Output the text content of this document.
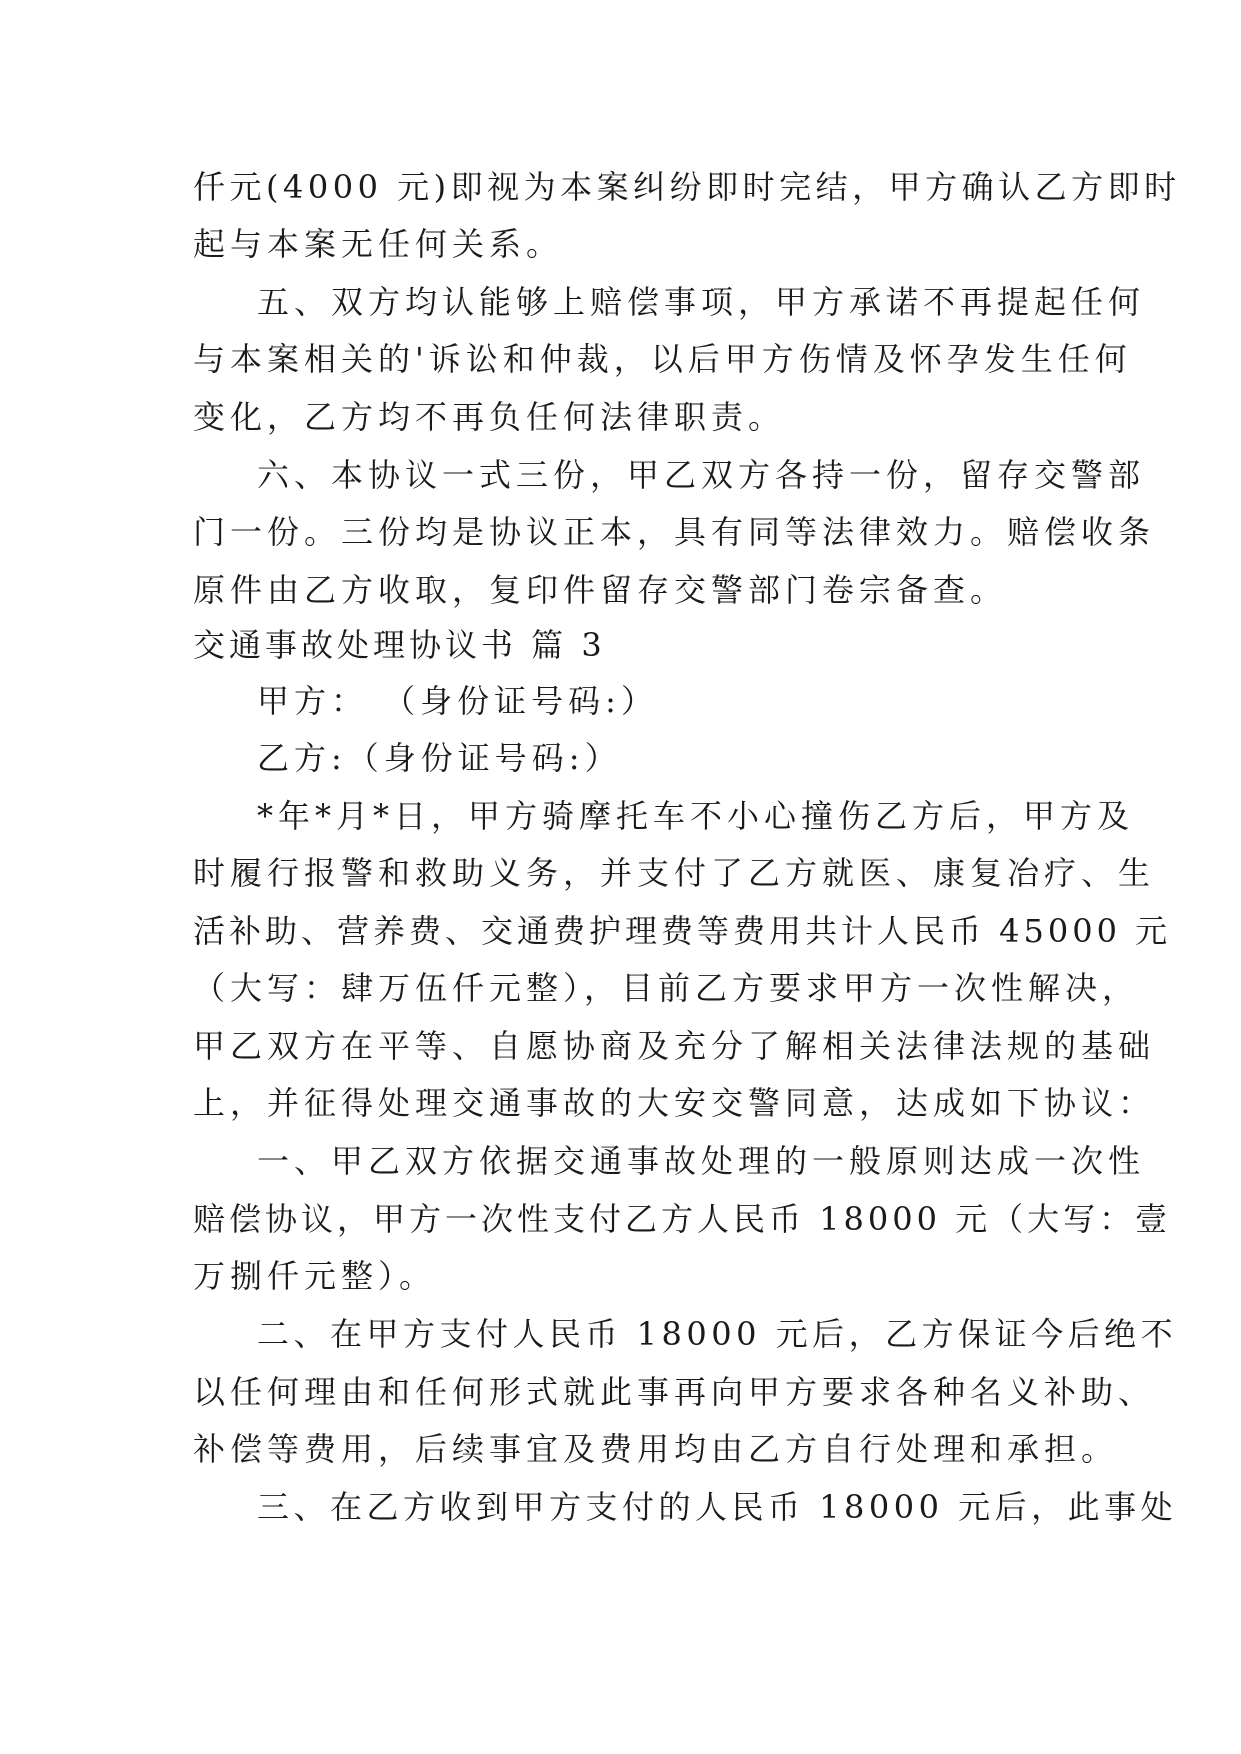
仟元(4000 元)即视为本案纠纷即时完结，甲方确认乙方即时
起与本案无任何关系。
五、双方均认能够上赔偿事项，甲方承诺不再提起任何
与本案相关的'诉讼和仲裁，以后甲方伤情及怀孕发生任何
变化，乙方均不再负任何法律职责。
六、本协议一式三份，甲乙双方各持一份，留存交警部
门一份。三份均是协议正本，具有同等法律效力。赔偿收条
原件由乙方收取，复印件留存交警部门卷宗备查。
交通事故处理协议书 篇 3
甲方： （身份证号码:）
乙方:（身份证号码:）
*年*月*日，甲方骑摩托车不小心撞伤乙方后，甲方及
时履行报警和救助义务，并支付了乙方就医、康复冶疗、生
活补助、营养费、交通费护理费等费用共计人民币 45000 元
（大写：肆万伍仟元整），目前乙方要求甲方一次性解决，
甲乙双方在平等、自愿协商及充分了解相关法律法规的基础
上，并征得处理交通事故的大安交警同意，达成如下协议：
一、甲乙双方依据交通事故处理的一般原则达成一次性
赔偿协议，甲方一次性支付乙方人民币 18000 元（大写：壹
万捌仟元整）。
二、在甲方支付人民币 18000 元后，乙方保证今后绝不
以任何理由和任何形式就此事再向甲方要求各种名义补助、
补偿等费用，后续事宜及费用均由乙方自行处理和承担。
三、在乙方收到甲方支付的人民币 18000 元后，此事处
